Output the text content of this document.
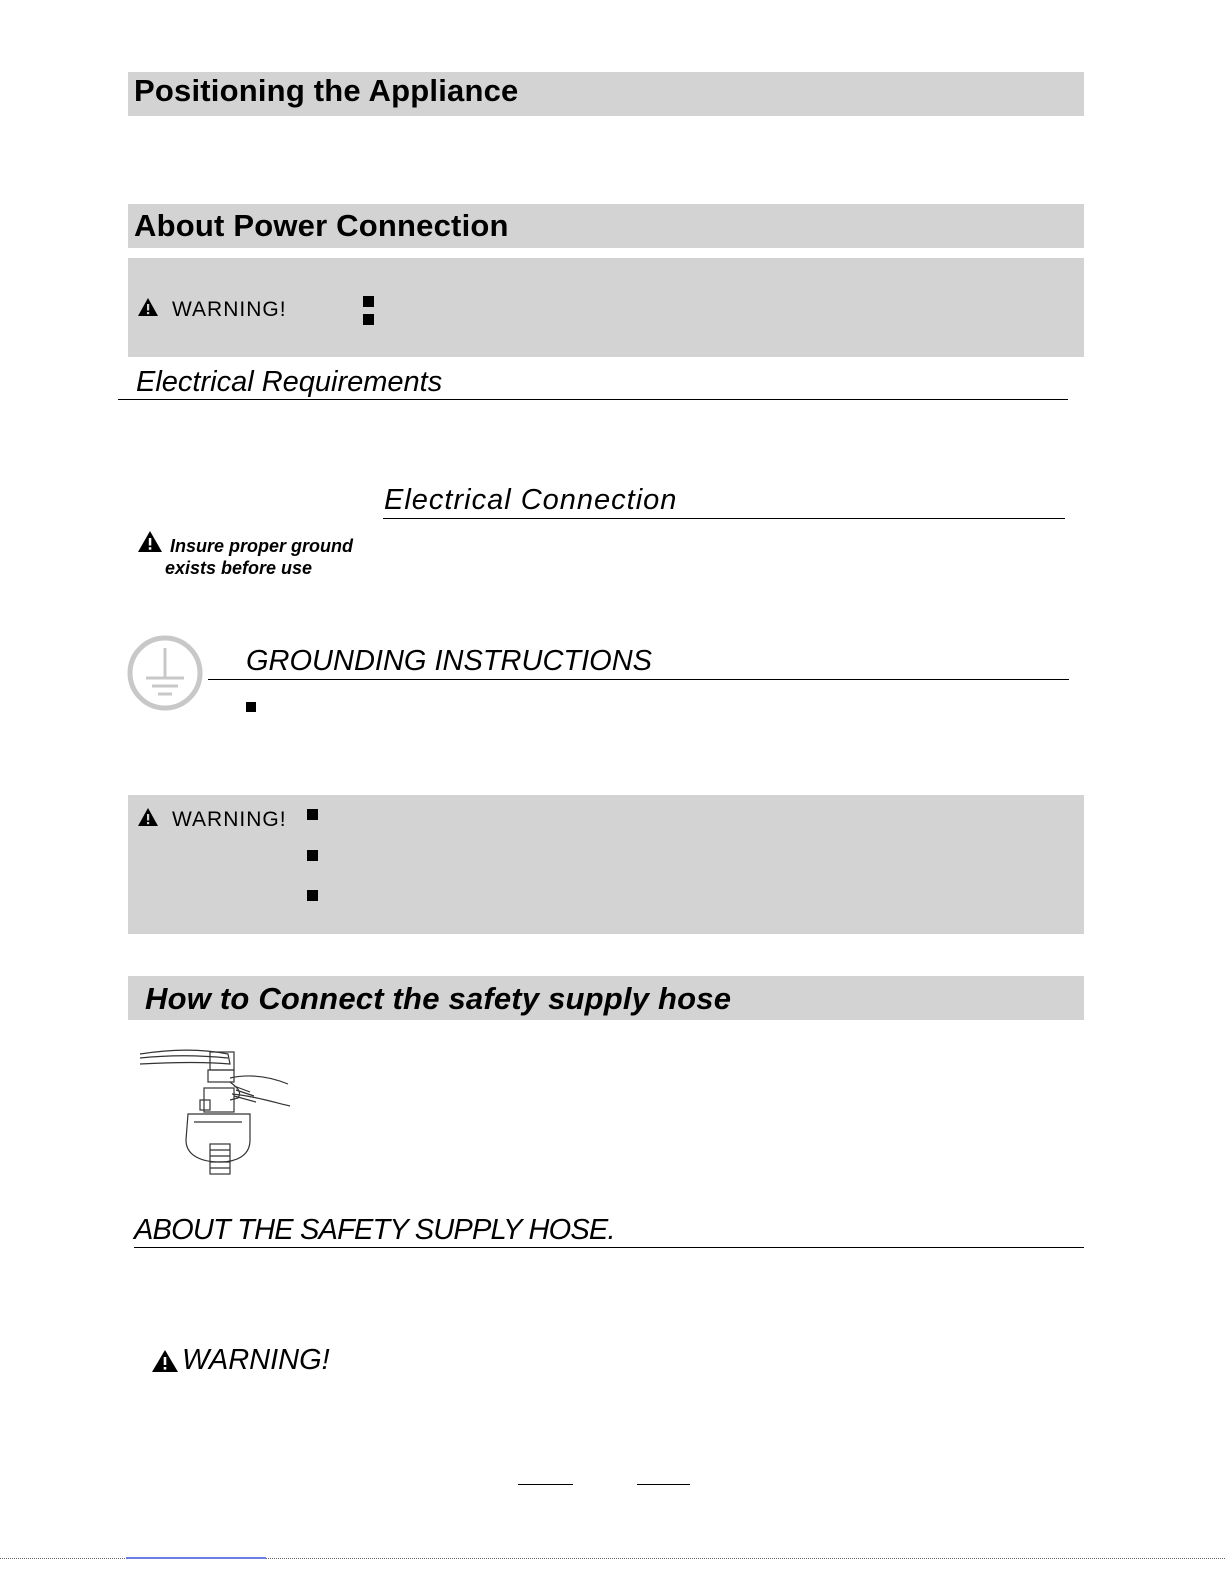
Positioning the Appliance
About Power Connection
WARNING!
Electrical Requirements
Electrical Connection
Insure proper ground
exists before use
GROUNDING INSTRUCTIONS
WARNING!
How to Connect the safety supply hose
ABOUT THE SAFETY SUPPLY HOSE.
WARNING!
